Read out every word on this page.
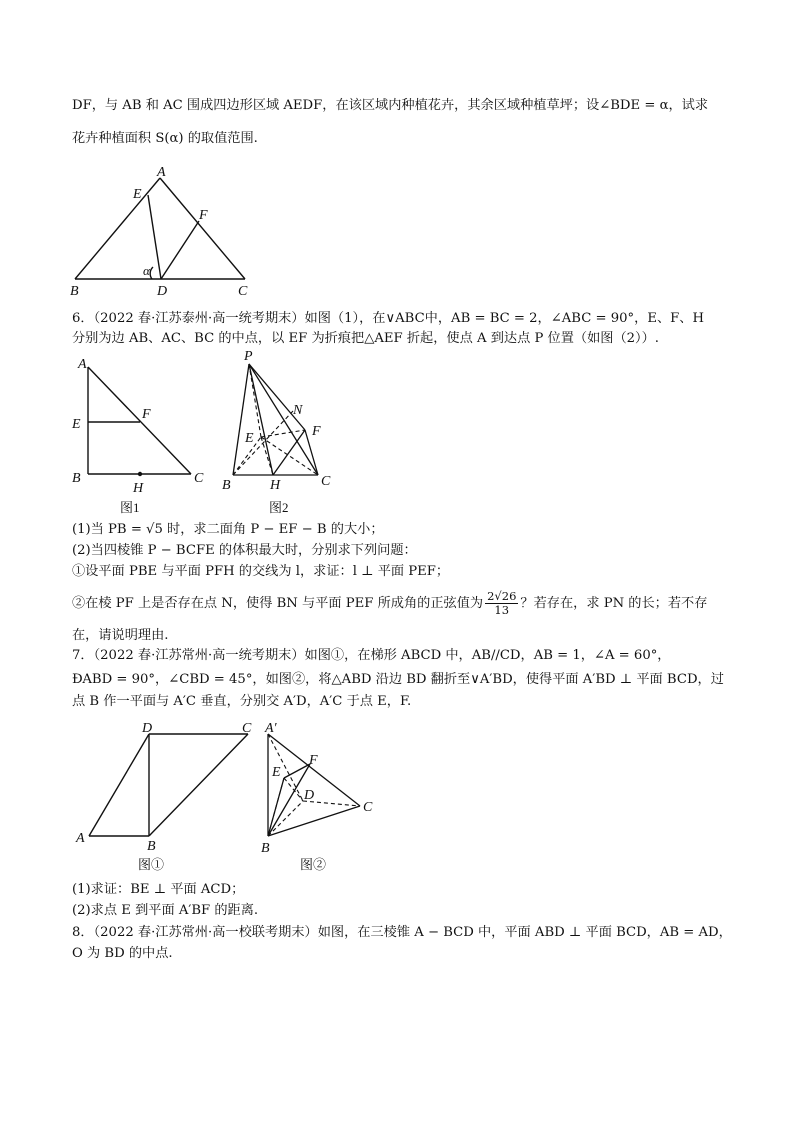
DF，与 AB 和 AC 围成四边形区域 AEDF，在该区域内种植花卉，其余区域种植草坪；设∠BDE = α，试求
花卉种植面积 S(α) 的取值范围.
A
E
F
B	D	C
α
6．（2022 春·江苏泰州·高一统考期末）如图（1），在∨ABC中，AB = BC = 2，∠ABC = 90°，E、F、H
分别为边 AB、AC、BC 的中点，以 EF 为折痕把△AEF 折起，使点 A 到达点 P 位置（如图（2））.
A
E
F
B
H
C
图1
P
N
E	F
B	H	C
图2
(1)当 PB = √5 时，求二面角 P − EF − B 的大小；
(2)当四棱锥 P − BCFE 的体积最大时，分别求下列问题：
①设平面 PBE 与平面 PFH 的交线为 l，求证：l ⊥ 平面 PEF；
②在棱 PF 上是否存在点 N，使得 BN 与平面 PEF 所成角的正弦值为 $\frac{2√26}{13}$ ？若存在，求 PN 的长；若不存
在，请说明理由.
7．（2022 春·江苏常州·高一统考期末）如图①，在梯形 ABCD 中，AB//CD，AB = 1，∠A = 60°，
ÐABD = 90°，∠CBD = 45°，如图②，将△ABD 沿边 BD 翻折至∨A′BD，使得平面 A′BD ⊥ 平面 BCD，过
点 B 作一平面与 A′C 垂直，分别交 A′D，A′C 于点 E，F.
D	C
A
B
图①
A′
F
E
D
C
B
图②
(1)求证：BE ⊥ 平面 ACD；
(2)求点 E 到平面 A′BF 的距离.
8．（2022 春·江苏常州·高一校联考期末）如图，在三棱锥 A − BCD 中，平面 ABD ⊥ 平面 BCD，AB = AD，
O 为 BD 的中点.
